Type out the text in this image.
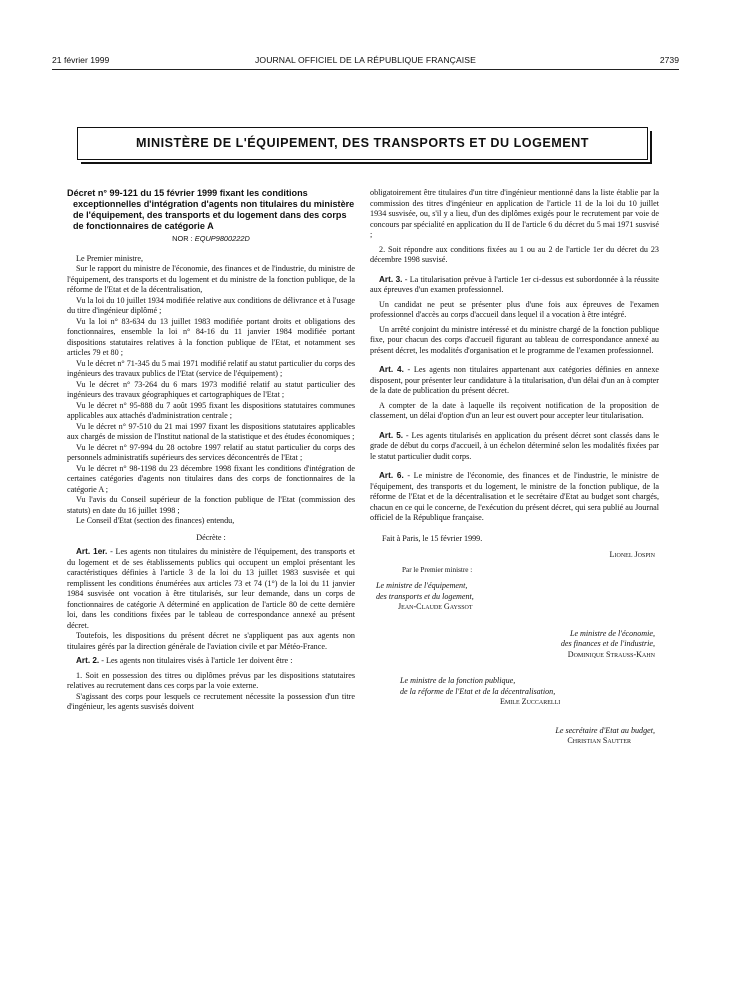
21 février 1999	JOURNAL OFFICIEL DE LA RÉPUBLIQUE FRANÇAISE	2739
MINISTÈRE DE L'ÉQUIPEMENT, DES TRANSPORTS ET DU LOGEMENT

Décret n° 99-121 du 15 février 1999 fixant les conditions exceptionnelles d'intégration d'agents non titulaires du ministère de l'équipement, des transports et du logement dans des corps de fonctionnaires de catégorie A

NOR : EQUP9800222D

Le Premier ministre,

Sur le rapport du ministre de l'économie, des finances et de l'industrie, du ministre de l'équipement, des transports et du logement et du ministre de la fonction publique, de la réforme de l'Etat et de la décentralisation,

Vu la loi du 10 juillet 1934 modifiée relative aux conditions de délivrance et à l'usage du titre d'ingénieur diplômé ;

Vu la loi n° 83-634 du 13 juillet 1983 modifiée portant droits et obligations des fonctionnaires, ensemble la loi n° 84-16 du 11 janvier 1984 modifiée portant dispositions statutaires relatives à la fonction publique de l'Etat, et notamment ses articles 79 et 80 ;

Vu le décret n° 71-345 du 5 mai 1971 modifié relatif au statut particulier du corps des ingénieurs des travaux publics de l'Etat (service de l'équipement) ;

Vu le décret n° 73-264 du 6 mars 1973 modifié relatif au statut particulier des ingénieurs des travaux géographiques et cartographiques de l'Etat ;

Vu le décret n° 95-888 du 7 août 1995 fixant les dispositions statutaires communes applicables aux attachés d'administration centrale ;

Vu le décret n° 97-510 du 21 mai 1997 fixant les dispositions statutaires applicables aux chargés de mission de l'Institut national de la statistique et des études économiques ;

Vu le décret n° 97-994 du 28 octobre 1997 relatif au statut particulier du corps des personnels administratifs supérieurs des services déconcentrés de l'Etat ;

Vu le décret n° 98-1198 du 23 décembre 1998 fixant les conditions d'intégration de certaines catégories d'agents non titulaires dans des corps de fonctionnaires de la catégorie A ;

Vu l'avis du Conseil supérieur de la fonction publique de l'Etat (commission des statuts) en date du 16 juillet 1998 ;

Le Conseil d'Etat (section des finances) entendu,

Décrète :

Art. 1er. - Les agents non titulaires du ministère de l'équipement, des transports et du logement et de ses établissements publics qui occupent un emploi présentant les caractéristiques définies à l'article 3 de la loi du 13 juillet 1983 susvisée et qui remplissent les conditions énumérées aux articles 73 et 74 (1°) de la loi du 11 janvier 1984 susvisée ont vocation à être titularisés, sur leur demande, dans un corps de fonctionnaires de catégorie A déterminé en application de l'article 80 de cette dernière loi, dans les conditions fixées par le tableau de correspondance annexé au présent décret.

Toutefois, les dispositions du présent décret ne s'appliquent pas aux agents non titulaires gérés par la direction générale de l'aviation civile et par Météo-France.

Art. 2. - Les agents non titulaires visés à l'article 1er doivent être :

1. Soit en possession des titres ou diplômes prévus par les dispositions statutaires relatives au recrutement dans ces corps par la voie externe.

S'agissant des corps pour lesquels ce recrutement nécessite la possession d'un titre d'ingénieur, les agents susvisés doivent

obligatoirement être titulaires d'un titre d'ingénieur mentionné dans la liste établie par la commission des titres d'ingénieur en application de l'article 11 de la loi du 10 juillet 1934 susvisée, ou, s'il y a lieu, d'un des diplômes exigés pour le recrutement par voie de concours par spécialité en application du II de l'article 6 du décret du 5 mai 1971 susvisé ;

2. Soit répondre aux conditions fixées au 1 ou au 2 de l'article 1er du décret du 23 décembre 1998 susvisé.

Art. 3. - La titularisation prévue à l'article 1er ci-dessus est subordonnée à la réussite aux épreuves d'un examen professionnel.

Un candidat ne peut se présenter plus d'une fois aux épreuves de l'examen professionnel d'accès au corps d'accueil dans lequel il a vocation à être intégré.

Un arrêté conjoint du ministre intéressé et du ministre chargé de la fonction publique fixe, pour chacun des corps d'accueil figurant au tableau de correspondance annexé au présent décret, les modalités d'organisation et le programme de l'examen professionnel.

Art. 4. - Les agents non titulaires appartenant aux catégories définies en annexe disposent, pour présenter leur candidature à la titularisation, d'un délai d'un an à compter de la date de publication du présent décret.

A compter de la date à laquelle ils reçoivent notification de la proposition de classement, un délai d'option d'un an leur est ouvert pour accepter leur titularisation.

Art. 5. - Les agents titularisés en application du présent décret sont classés dans le grade de début du corps d'accueil, à un échelon déterminé selon les modalités fixées par le statut particulier dudit corps.

Art. 6. - Le ministre de l'économie, des finances et de l'industrie, le ministre de l'équipement, des transports et du logement, le ministre de la fonction publique, de la réforme de l'Etat et de la décentralisation et le secrétaire d'Etat au budget sont chargés, chacun en ce qui le concerne, de l'exécution du présent décret, qui sera publié au Journal officiel de la République française.

Fait à Paris, le 15 février 1999.

Lionel Jospin

Par le Premier ministre :

Le ministre de l'équipement,

des transports et du logement,

Jean-Claude Gayssot

Le ministre de l'économie,

des finances et de l'industrie,

Dominique Strauss-Kahn

Le ministre de la fonction publique,

de la réforme de l'Etat et de la décentralisation,

Emile Zuccarelli

Le secrétaire d'Etat au budget,

Christian Sautter
